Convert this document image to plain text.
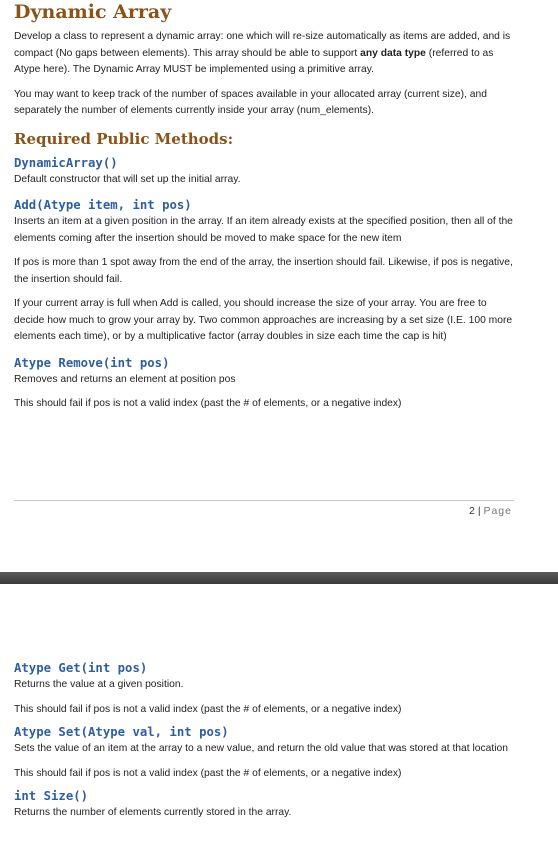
Dynamic Array

Develop a class to represent a dynamic array: one which will re-size automatically as items are added, and is compact (No gaps between elements). This array should be able to support any data type (referred to as Atype here). The Dynamic Array MUST be implemented using a primitive array.

You may want to keep track of the number of spaces available in your allocated array (current size), and separately the number of elements currently inside your array (num_elements).

Required Public Methods:
DynamicArray()

Default constructor that will set up the initial array.

Add(Atype item, int pos)

Inserts an item at a given position in the array. If an item already exists at the specified position, then all of the elements coming after the insertion should be moved to make space for the new item

If pos is more than 1 spot away from the end of the array, the insertion should fail. Likewise, if pos is negative, the insertion should fail.

If your current array is full when Add is called, you should increase the size of your array. You are free to decide how much to grow your array by. Two common approaches are increasing by a set size (I.E. 100 more elements each time), or by a multiplicative factor (array doubles in size each time the cap is hit)

Atype Remove(int pos)

Removes and returns an element at position pos

This should fail if pos is not a valid index (past the # of elements, or a negative index)

2 | Page
Atype Get(int pos)

Returns the value at a given position.

This should fail if pos is not a valid index (past the # of elements, or a negative index)

Atype Set(Atype val, int pos)

Sets the value of an item at the array to a new value, and return the old value that was stored at that location

This should fail if pos is not a valid index (past the # of elements, or a negative index)

int Size()

Returns the number of elements currently stored in the array.
